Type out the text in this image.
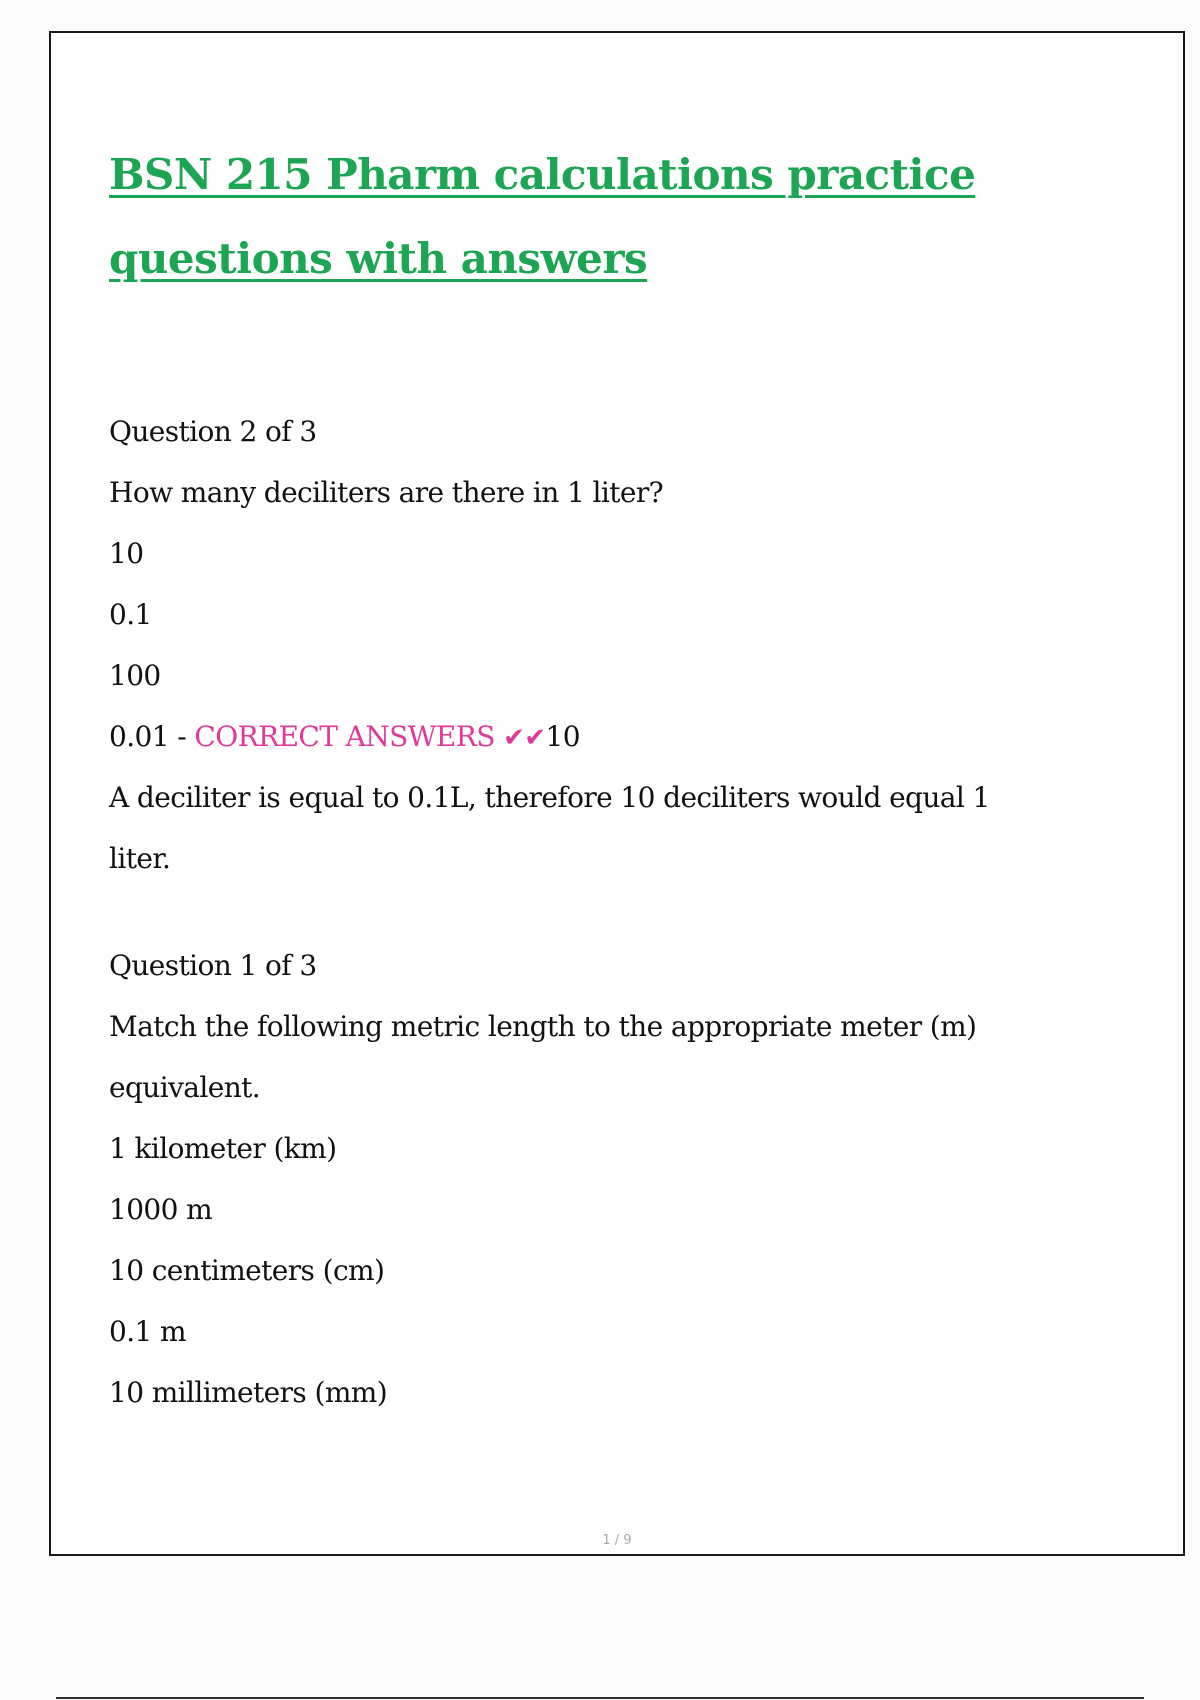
BSN 215 Pharm calculations practice
questions with answers
Question 2 of 3
How many deciliters are there in 1 liter?
10
0.1
100
0.01 - CORRECT ANSWERS ✔✔10
A deciliter is equal to 0.1L, therefore 10 deciliters would equal 1
liter.
Question 1 of 3
Match the following metric length to the appropriate meter (m)
equivalent.
1 kilometer (km)
1000 m
10 centimeters (cm)
0.1 m
10 millimeters (mm)
1 / 9
